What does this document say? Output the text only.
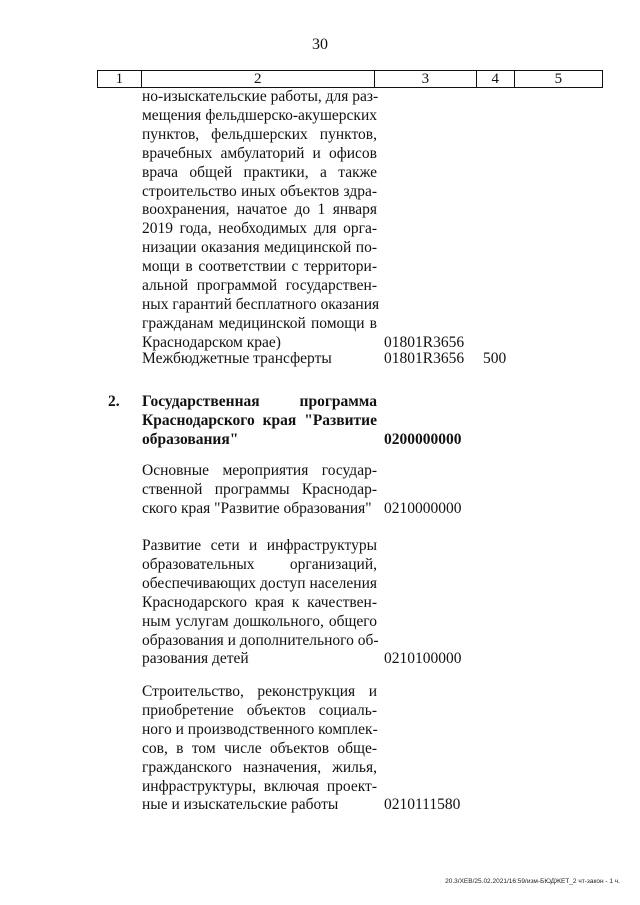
30
1	2	3	4	5
но-изыскательские работы, для раз-
мещения фельдшерско-акушерских
пунктов, фельдшерских пунктов,
врачебных амбулаторий и офисов
врача общей практики, а также
строительство иных объектов здра-
воохранения, начатое до 1 января
2019 года, необходимых для орга-
низации оказания медицинской по-
мощи в соответствии с территори-
альной программой государствен-
ных гарантий бесплатного оказания
гражданам медицинской помощи в
Краснодарском крае)	01801R3656
Межбюджетные трансферты	01801R3656 500
2. Государственная программа
Краснодарского края "Развитие
образования"	0200000000
Основные мероприятия государ-
ственной программы Краснодар-
ского края "Развитие образования" 0210000000
Развитие сети и инфраструктуры
образовательных организаций,
обеспечивающих доступ населения
Краснодарского края к качествен-
ным услугам дошкольного, общего
образования и дополнительного об-
разования детей	0210100000
Строительство, реконструкция и
приобретение объектов социаль-
ного и производственного комплек-
сов, в том числе объектов обще-
гражданского назначения, жилья,
инфраструктуры, включая проект-
ные и изыскательские работы	0210111580
20.3/ХЕВ/25.02.2021/16:59/изм-БЮДЖЕТ_2 чт-закон - 1 ч.
